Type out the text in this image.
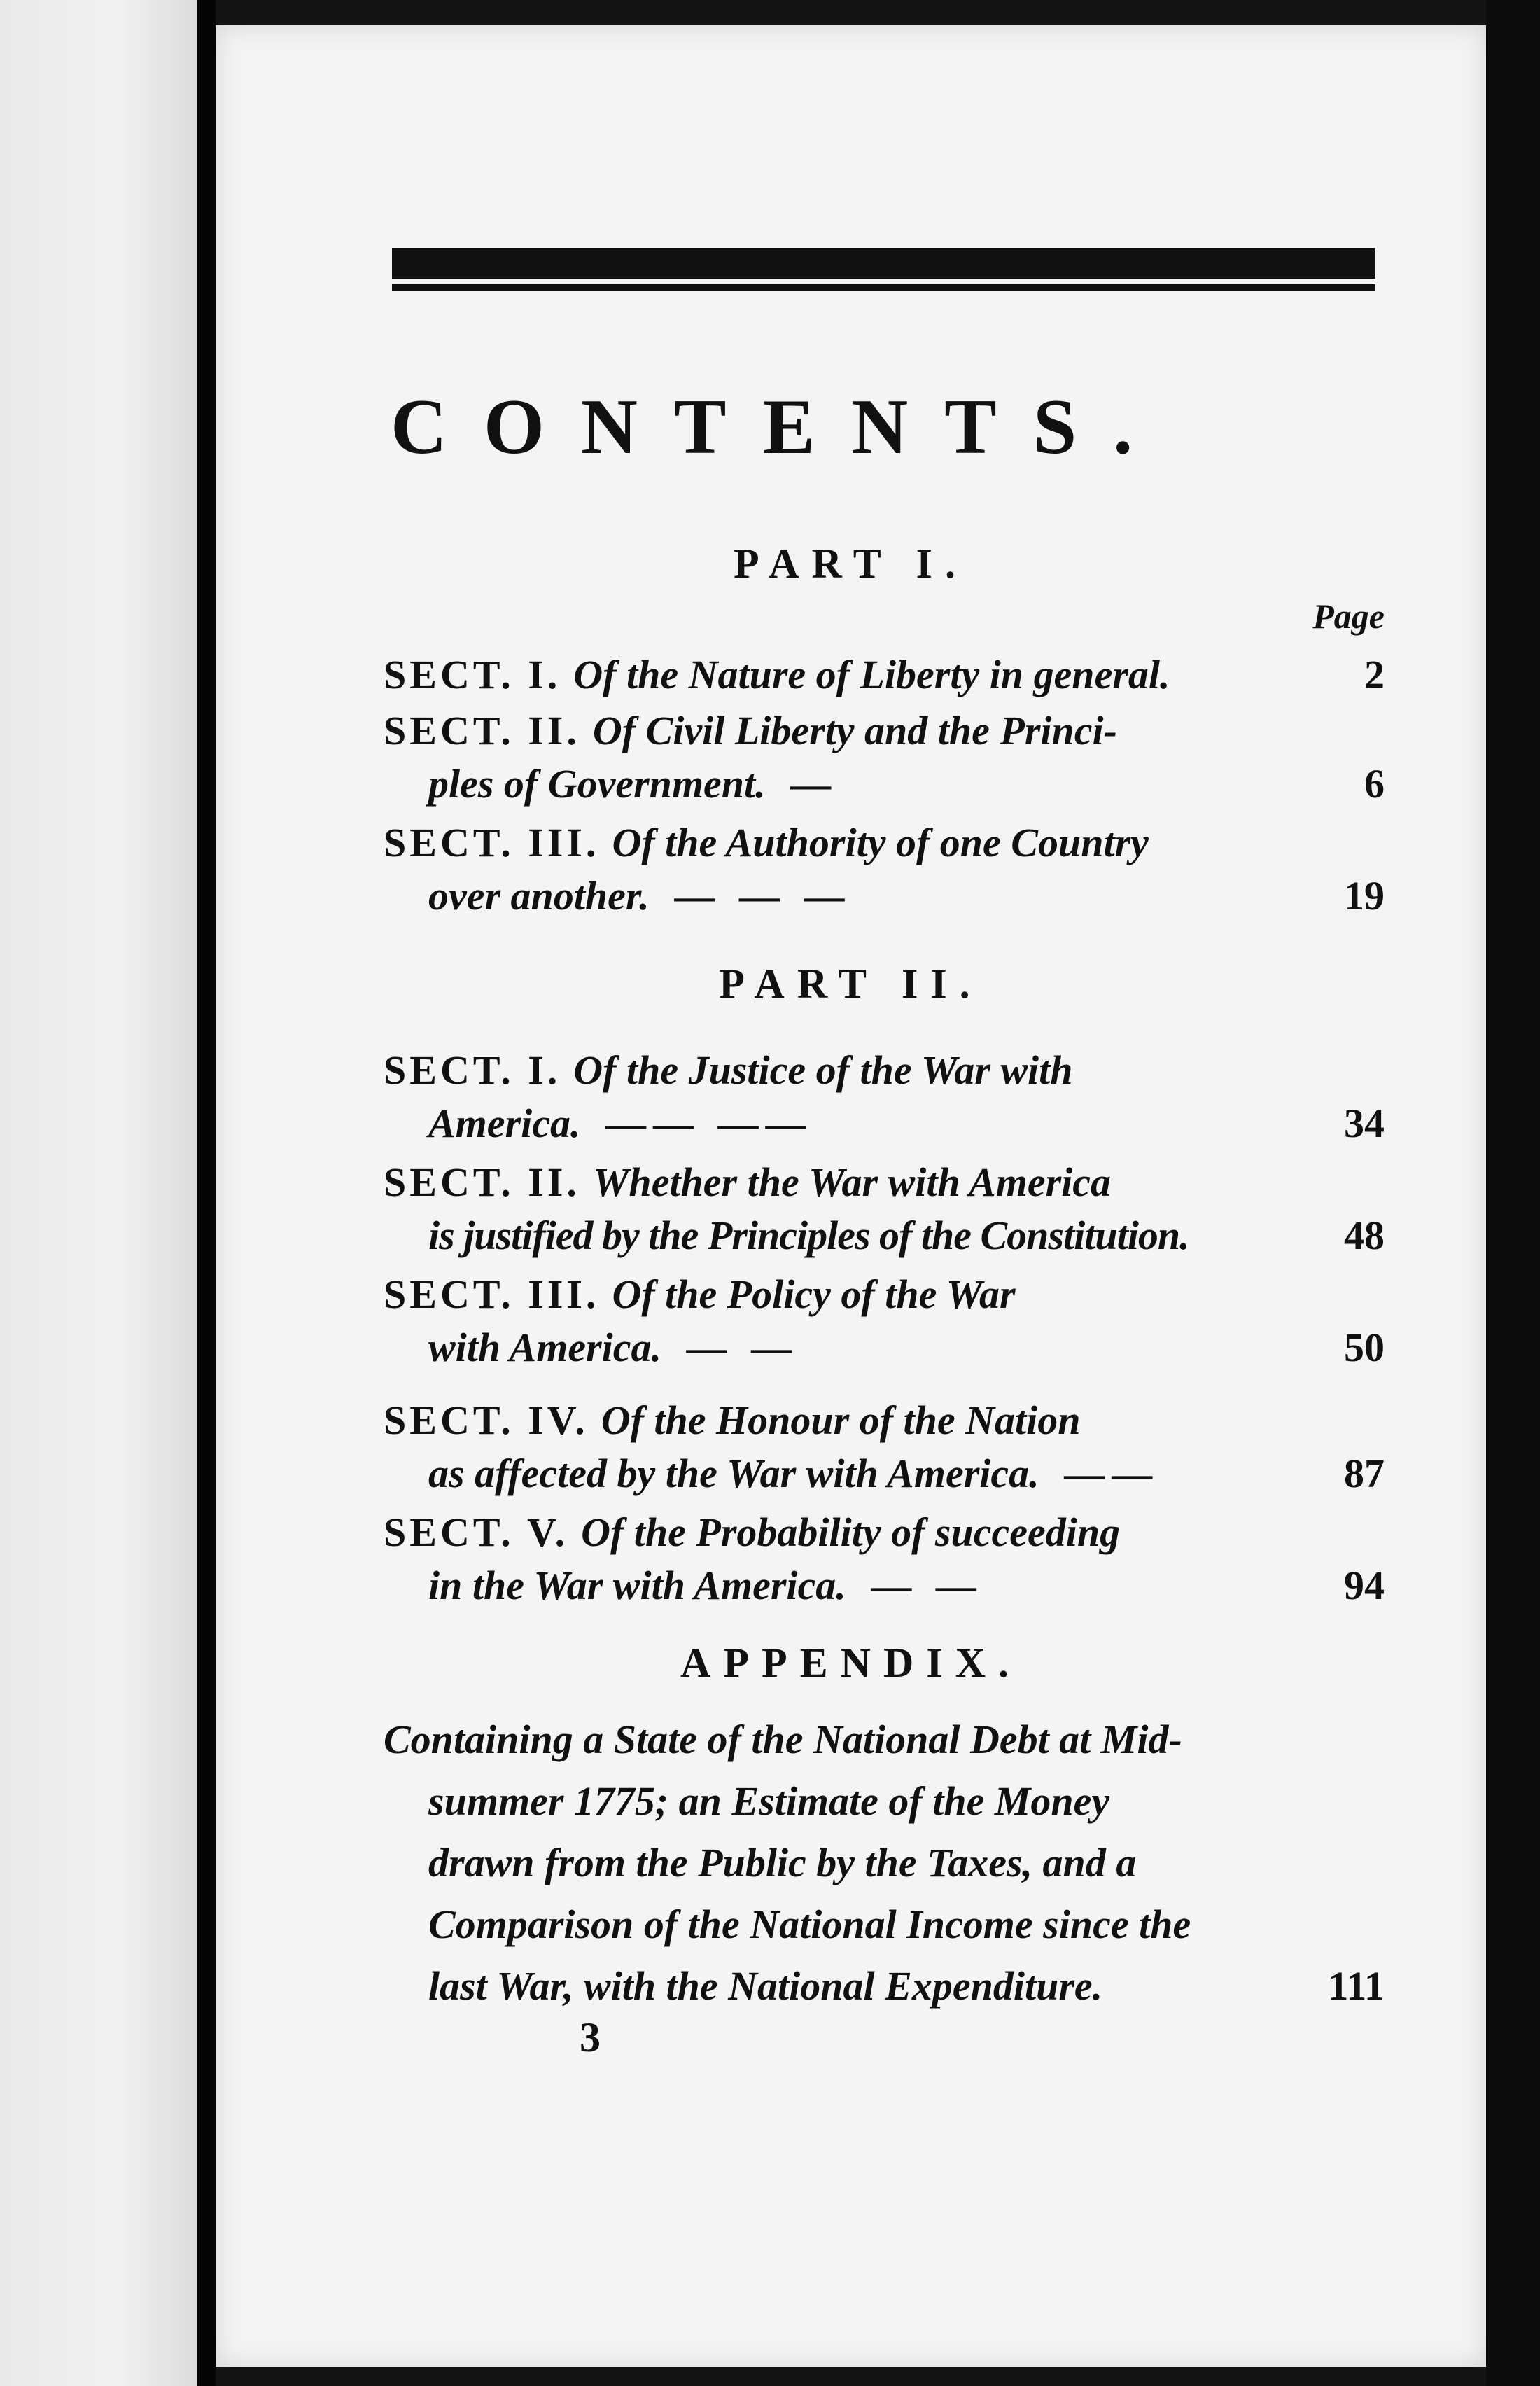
CONTENTS.
PART I.
Page
SECT. I. Of the Nature of Liberty in general.	2
SECT. II. Of Civil Liberty and the Princi-
ples of Government. —	6
SECT. III. Of the Authority of one Country
over another. — — —	19
PART II.
SECT. I. Of the Justice of the War with
America. —— ——	34
SECT. II. Whether the War with America
is justified by the Principles of the Constitution.	48
SECT. III. Of the Policy of the War
with America. — —	50
SECT. IV. Of the Honour of the Nation
as affected by the War with America. ——	87
SECT. V. Of the Probability of succeeding
in the War with America. — —	94
APPENDIX.
Containing a State of the National Debt at Mid-
summer 1775; an Estimate of the Money
drawn from the Public by the Taxes, and a
Comparison of the National Income since the
last War, with the National Expenditure.	111
3
